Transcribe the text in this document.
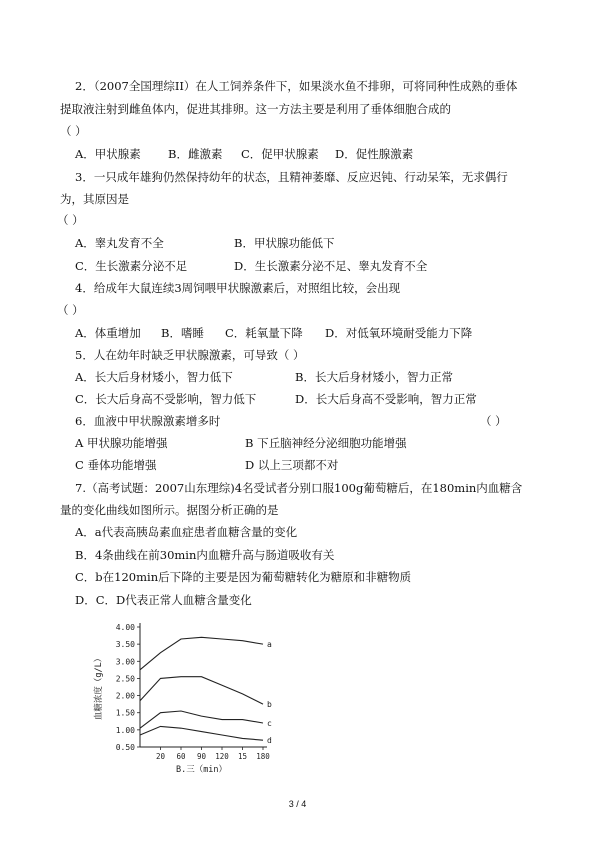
2．（2007全国理综II）在人工饲养条件下，如果淡水鱼不排卵，可将同种性成熟的垂体
提取液注射到雌鱼体内，促进其排卵。这一方法主要是利用了垂体细胞合成的
（ ）
A．甲状腺素 B．雌激素 C．促甲状腺素 D．促性腺激素
3．一只成年雄狗仍然保持幼年的状态，且精神萎靡、反应迟钝、行动呆笨，无求偶行
为，其原因是
（ ）
A．睾丸发育不全	B．甲状腺功能低下
C．生长激素分泌不足	D．生长激素分泌不足、睾丸发育不全
4．给成年大鼠连续3周饲喂甲状腺激素后，对照组比较，会出现
（ ）
A．体重增加 B．嗜睡 C．耗氧量下降 D．对低氧环境耐受能力下降
5．人在幼年时缺乏甲状腺激素，可导致（ ）
A．长大后身材矮小，智力低下	B．长大后身材矮小，智力正常
C．长大后身高不受影响，智力低下	D．长大后身高不受影响，智力正常
6．血液中甲状腺激素增多时	（ ）
A 甲状腺功能增强	B 下丘脑神经分泌细胞功能增强
C 垂体功能增强	D 以上三项都不对
7.（高考试题：2007山东理综)4名受试者分别口服100g葡萄糖后，在180min内血糖含
量的变化曲线如图所示。据图分析正确的是
A．a代表高胰岛素血症患者血糖含量的变化
B．4条曲线在前30min内血糖升高与肠道吸收有关
C．b在120min后下降的主要是因为葡萄糖转化为糖原和非糖物质
D．C．D代表正常人血糖含量变化
4.00
3.50
3.00
2.50
2.00
1.50
1.00
0.50
20 60 90 120 15 180
a
b
c
d
血糖浓度（g/L）
B.三（min）
3 / 4
